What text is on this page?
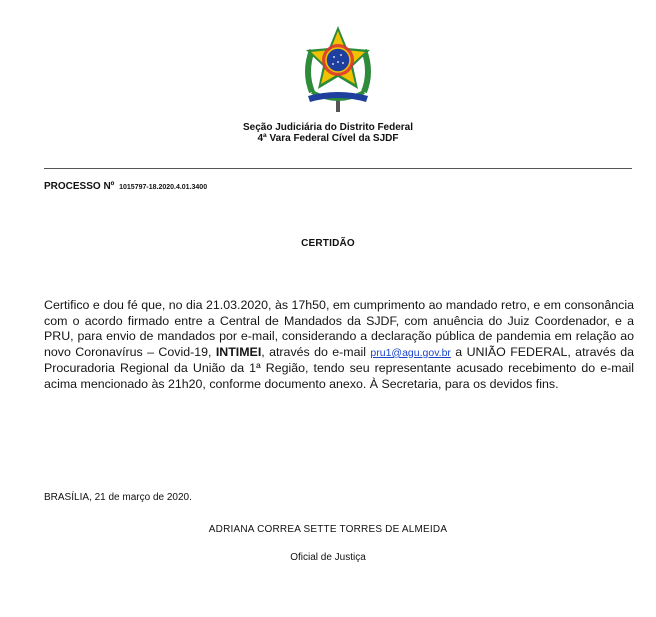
Seção Judiciária do Distrito Federal
4ª Vara Federal Cível da SJDF
PROCESSO Nº 1015797-18.2020.4.01.3400
CERTIDÃO
Certifico e dou fé que, no dia 21.03.2020, às 17h50, em cumprimento ao mandado retro, e em consonância com o acordo firmado entre a Central de Mandados da SJDF, com anuência do Juiz Coordenador, e a PRU, para envio de mandados por e-mail, considerando a declaração pública de pandemia em relação ao novo Coronavírus – Covid-19, INTIMEI, através do e-mail pru1@agu.gov.br a UNIÃO FEDERAL, através da Procuradoria Regional da União da 1ª Região, tendo seu representante acusado recebimento do e-mail acima mencionado às 21h20, conforme documento anexo. À Secretaria, para os devidos fins.
BRASÍLIA, 21 de março de 2020.
ADRIANA CORREA SETTE TORRES DE ALMEIDA
Oficial de Justiça
